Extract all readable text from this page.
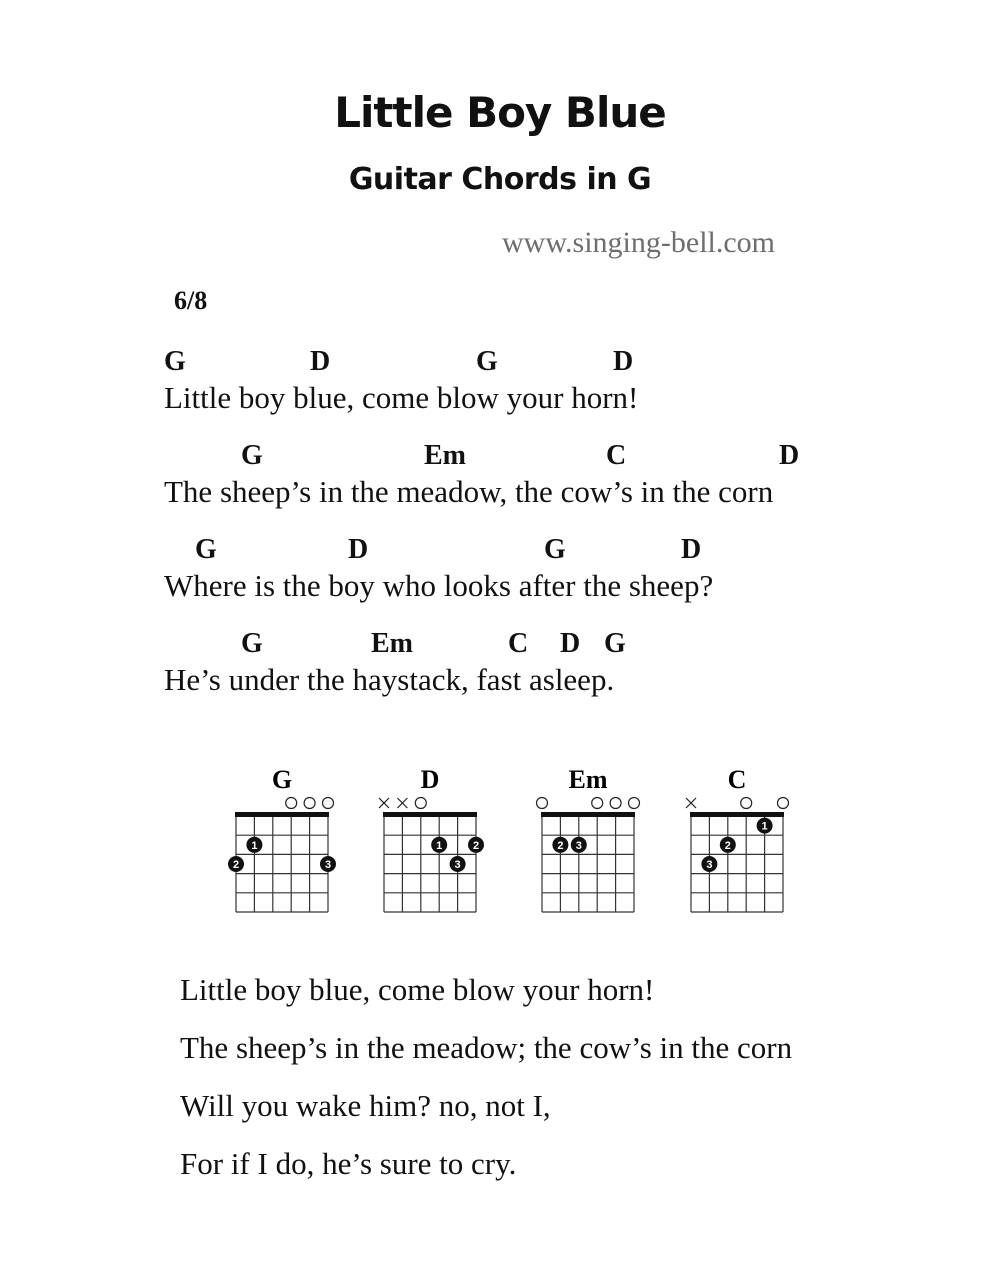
Little Boy Blue
Guitar Chords in G
www.singing-bell.com
6/8
G	D	G	D
Little boy blue, come blow your horn!
G	Em	C	D
The sheep’s in the meadow, the cow’s in the corn
G	D	G	D
Where is the boy who looks after the sheep?
G	Em	C D G
He’s under the haystack, fast asleep.
G
1
2	3
D
1	2
3
Em
2 3
C
1
2
3
Little boy blue, come blow your horn!
The sheep’s in the meadow; the cow’s in the corn
Will you wake him? no, not I,
For if I do, he’s sure to cry.
